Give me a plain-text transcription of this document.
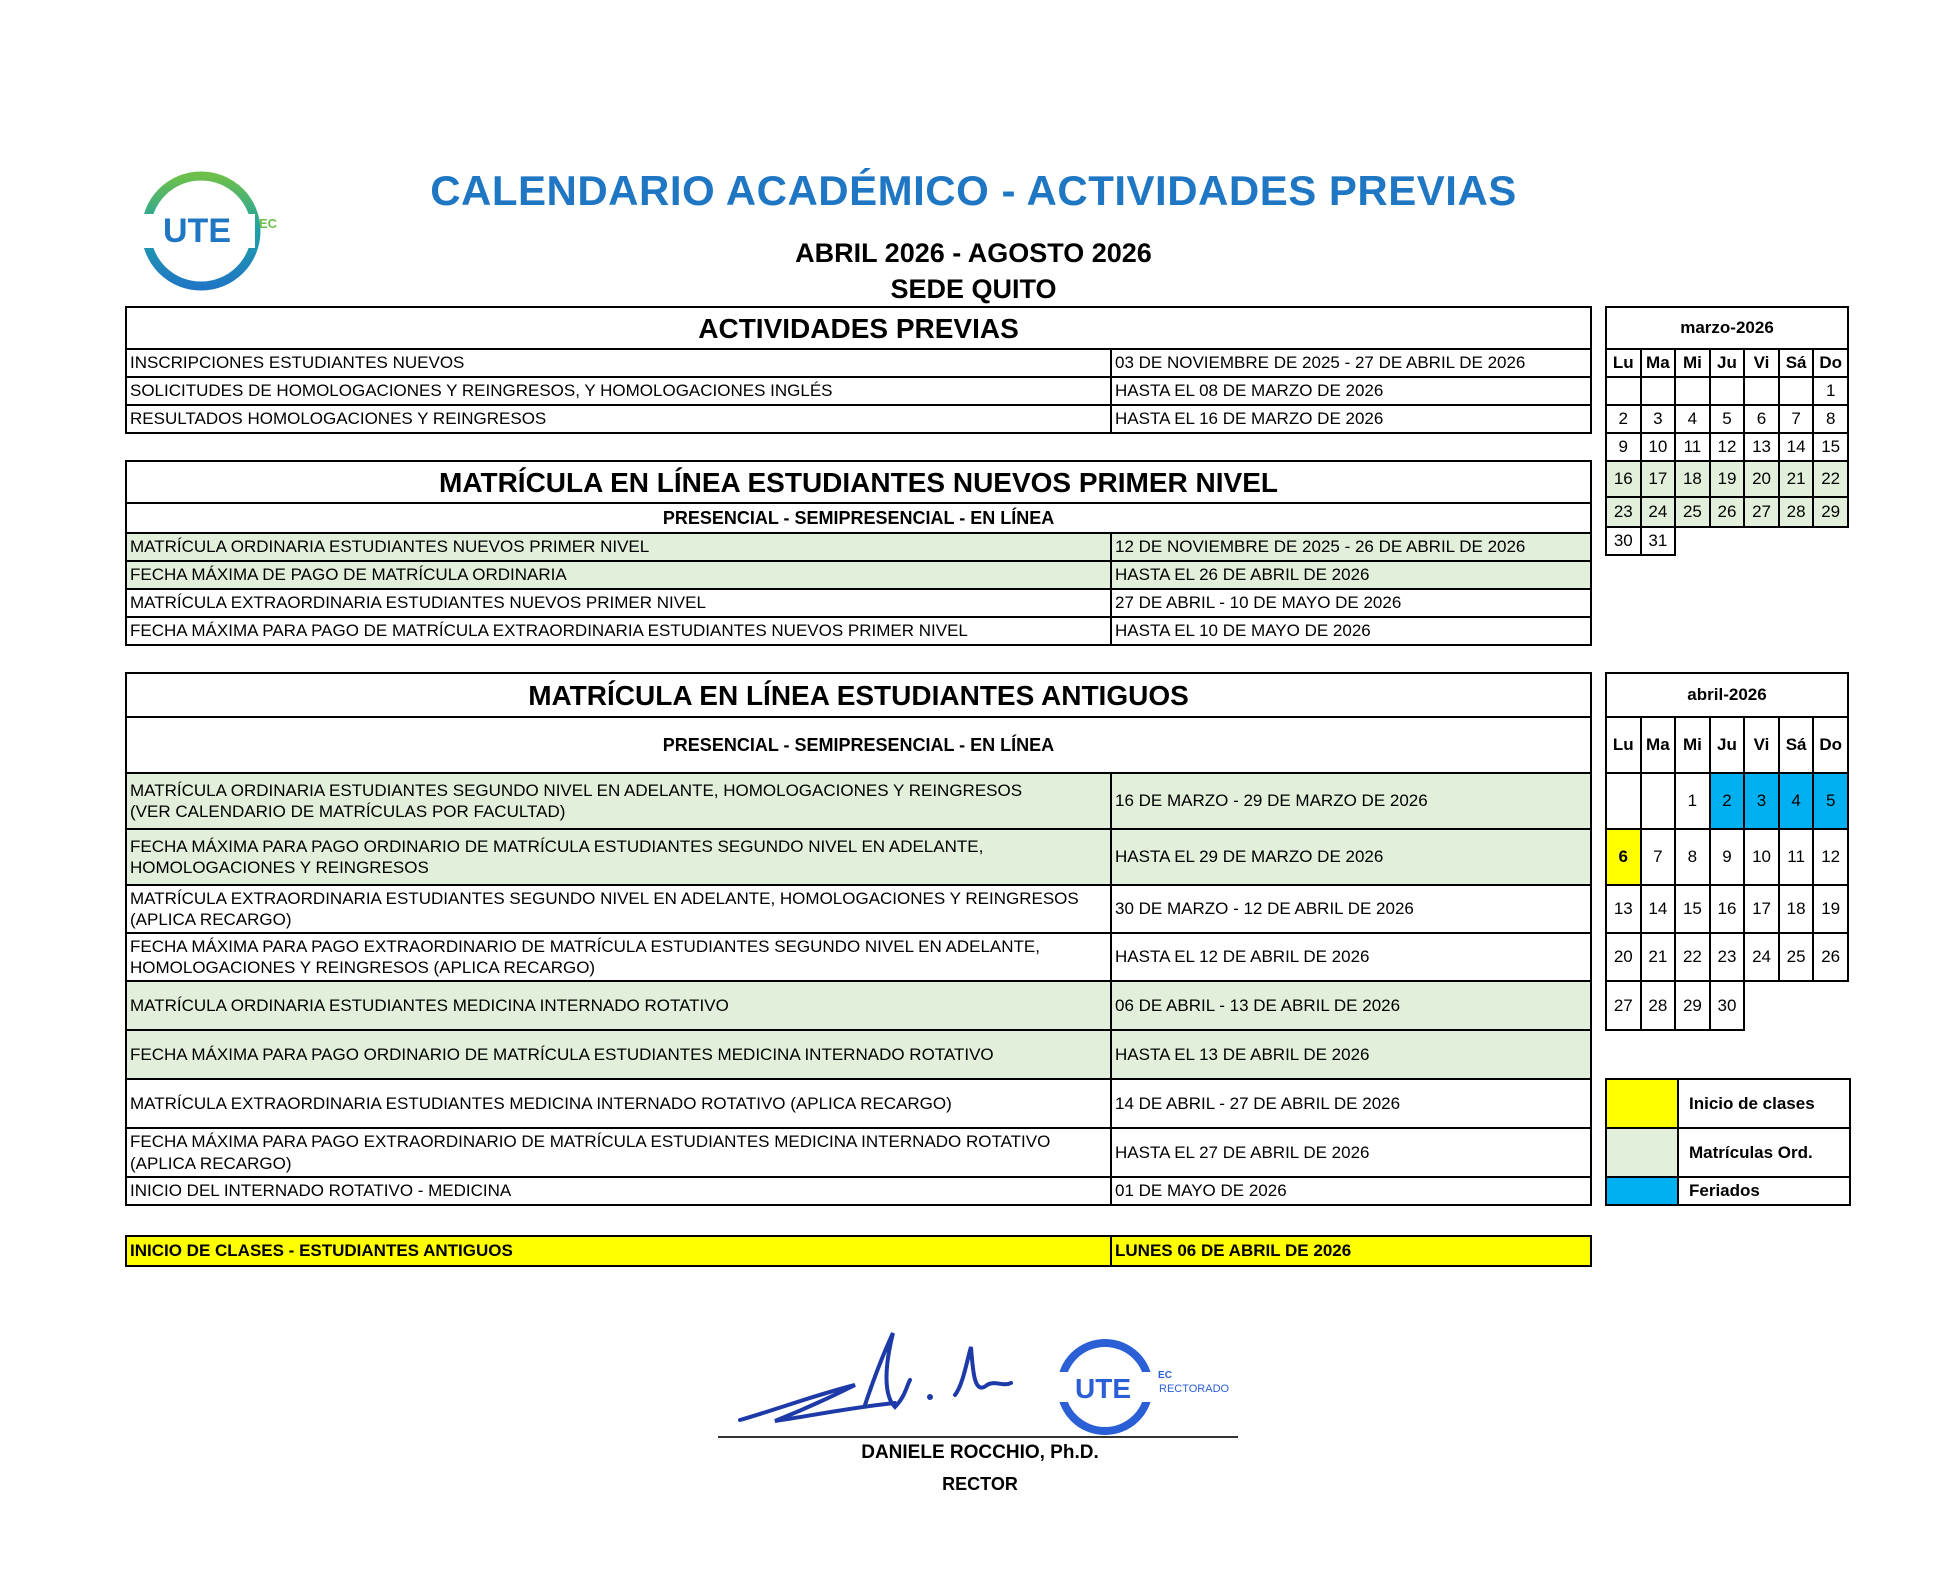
UTE EC
CALENDARIO ACADÉMICO - ACTIVIDADES PREVIAS
ABRIL 2026 - AGOSTO 2026
SEDE QUITO
ACTIVIDADES PREVIAS	
INSCRIPCIONES ESTUDIANTES NUEVOS	03 DE NOVIEMBRE DE 2025 - 27 DE ABRIL DE 2026
SOLICITUDES DE HOMOLOGACIONES Y REINGRESOS, Y HOMOLOGACIONES INGLÉS	HASTA EL 08 DE MARZO DE 2026
RESULTADOS HOMOLOGACIONES Y REINGRESOS	HASTA EL 16 DE MARZO DE 2026
MATRÍCULA EN LÍNEA ESTUDIANTES NUEVOS PRIMER NIVEL	
PRESENCIAL - SEMIPRESENCIAL - EN LÍNEA	
MATRÍCULA ORDINARIA ESTUDIANTES NUEVOS PRIMER NIVEL	12 DE NOVIEMBRE DE 2025 - 26 DE ABRIL DE 2026
FECHA MÁXIMA DE PAGO DE MATRÍCULA ORDINARIA	HASTA EL 26 DE ABRIL DE 2026
MATRÍCULA EXTRAORDINARIA ESTUDIANTES NUEVOS PRIMER NIVEL	27 DE ABRIL - 10 DE MAYO DE 2026
FECHA MÁXIMA PARA PAGO DE MATRÍCULA EXTRAORDINARIA ESTUDIANTES NUEVOS PRIMER NIVEL	HASTA EL 10 DE MAYO DE 2026
MATRÍCULA EN LÍNEA ESTUDIANTES ANTIGUOS	
PRESENCIAL - SEMIPRESENCIAL - EN LÍNEA	

MATRÍCULA ORDINARIA ESTUDIANTES SEGUNDO NIVEL EN ADELANTE, HOMOLOGACIONES Y REINGRESOS
(VER CALENDARIO DE MATRÍCULAS POR FACULTAD)	16 DE MARZO - 29 DE MARZO DE 2026

FECHA MÁXIMA PARA PAGO ORDINARIO DE MATRÍCULA ESTUDIANTES SEGUNDO NIVEL EN ADELANTE,
HOMOLOGACIONES Y REINGRESOS	HASTA EL 29 DE MARZO DE 2026

MATRÍCULA EXTRAORDINARIA ESTUDIANTES SEGUNDO NIVEL EN ADELANTE, HOMOLOGACIONES Y REINGRESOS
(APLICA RECARGO)	30 DE MARZO - 12 DE ABRIL DE 2026

FECHA MÁXIMA PARA PAGO EXTRAORDINARIO DE MATRÍCULA ESTUDIANTES SEGUNDO NIVEL EN ADELANTE,
HOMOLOGACIONES Y REINGRESOS (APLICA RECARGO)	HASTA EL 12 DE ABRIL DE 2026
MATRÍCULA ORDINARIA ESTUDIANTES MEDICINA INTERNADO ROTATIVO	06 DE ABRIL - 13 DE ABRIL DE 2026
FECHA MÁXIMA PARA PAGO ORDINARIO DE MATRÍCULA ESTUDIANTES MEDICINA INTERNADO ROTATIVO	HASTA EL 13 DE ABRIL DE 2026
MATRÍCULA EXTRAORDINARIA ESTUDIANTES MEDICINA INTERNADO ROTATIVO (APLICA RECARGO)	14 DE ABRIL - 27 DE ABRIL DE 2026

FECHA MÁXIMA PARA PAGO EXTRAORDINARIO DE MATRÍCULA ESTUDIANTES MEDICINA INTERNADO ROTATIVO
(APLICA RECARGO)	HASTA EL 27 DE ABRIL DE 2026
INICIO DEL INTERNADO ROTATIVO - MEDICINA	01 DE MAYO DE 2026
INICIO DE CLASES - ESTUDIANTES ANTIGUOS	LUNES 06 DE ABRIL DE 2026
marzo-2026						
Lu	Ma	Mi	Ju	Vi	Sá	Do
						1
2	3	4	5	6	7	8
9	10	11	12	13	14	15
16	17	18	19	20	21	22
23	24	25	26	27	28	29
30	31					
abril-2026						
Lu	Ma	Mi	Ju	Vi	Sá	Do
		1	2	3	4	5
6	7	8	9	10	11	12
13	14	15	16	17	18	19
20	21	22	23	24	25	26
27	28	29	30			
	Inicio de clases
	Matrículas Ord.
	Feriados
UTE	EC
RECTORADO
DANIELE ROCCHIO, Ph.D.
RECTOR
